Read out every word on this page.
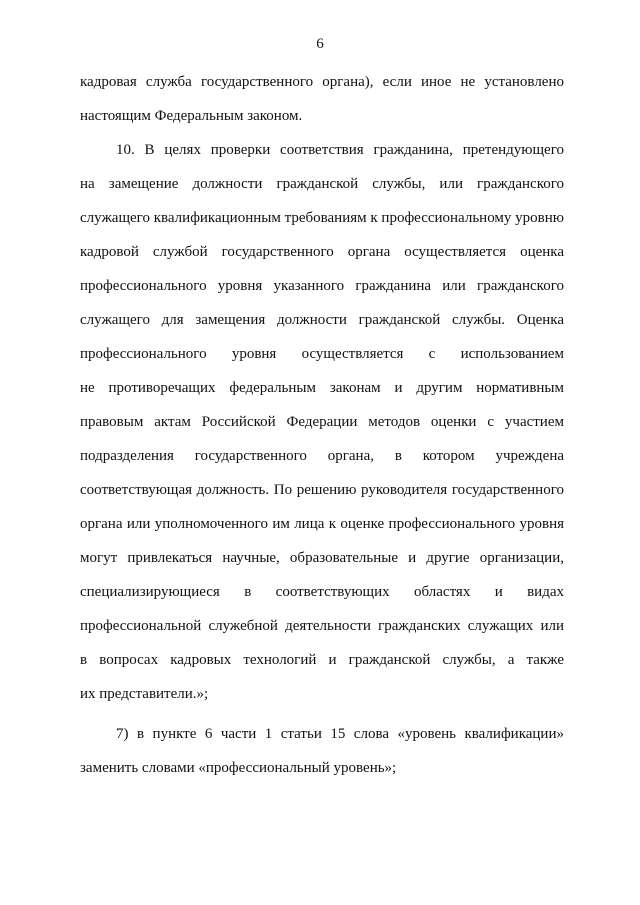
6
кадровая служба государственного органа), если иное не установлено
настоящим Федеральным законом.
10. В целях проверки соответствия гражданина, претендующего
на замещение должности гражданской службы, или гражданского
служащего квалификационным требованиям к профессиональному уровню
кадровой службой государственного органа осуществляется оценка
профессионального уровня указанного гражданина или гражданского
служащего для замещения должности гражданской службы. Оценка
профессионального уровня осуществляется с использованием
не противоречащих федеральным законам и другим нормативным
правовым актам Российской Федерации методов оценки с участием
подразделения государственного органа, в котором учреждена
соответствующая должность. По решению руководителя государственного
органа или уполномоченного им лица к оценке профессионального уровня
могут привлекаться научные, образовательные и другие организации,
специализирующиеся в соответствующих областях и видах
профессиональной служебной деятельности гражданских служащих или
в вопросах кадровых технологий и гражданской службы, а также
их представители.»;
7) в пункте 6 части 1 статьи 15 слова «уровень квалификации»
заменить словами «профессиональный уровень»;
